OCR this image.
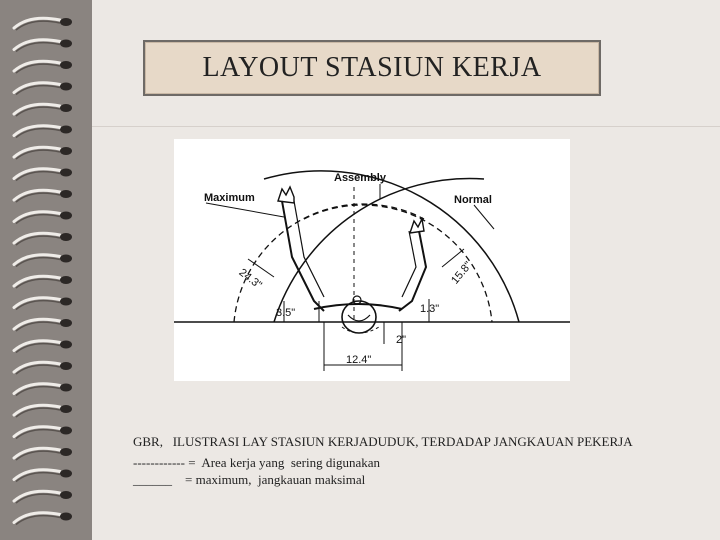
LAYOUT STASIUN KERJA
Assembly
Maximum	Normal
24.3"	15.8"
3.5"	1.3"
2"
12.4"
GBR,   ILUSTRASI LAY STASIUN KERJADUDUK, TERDADAP JANGKAUAN PEKERJA
------------ =  Area kerja yang  sering digunakan
______    = maximum,  jangkauan maksimal
